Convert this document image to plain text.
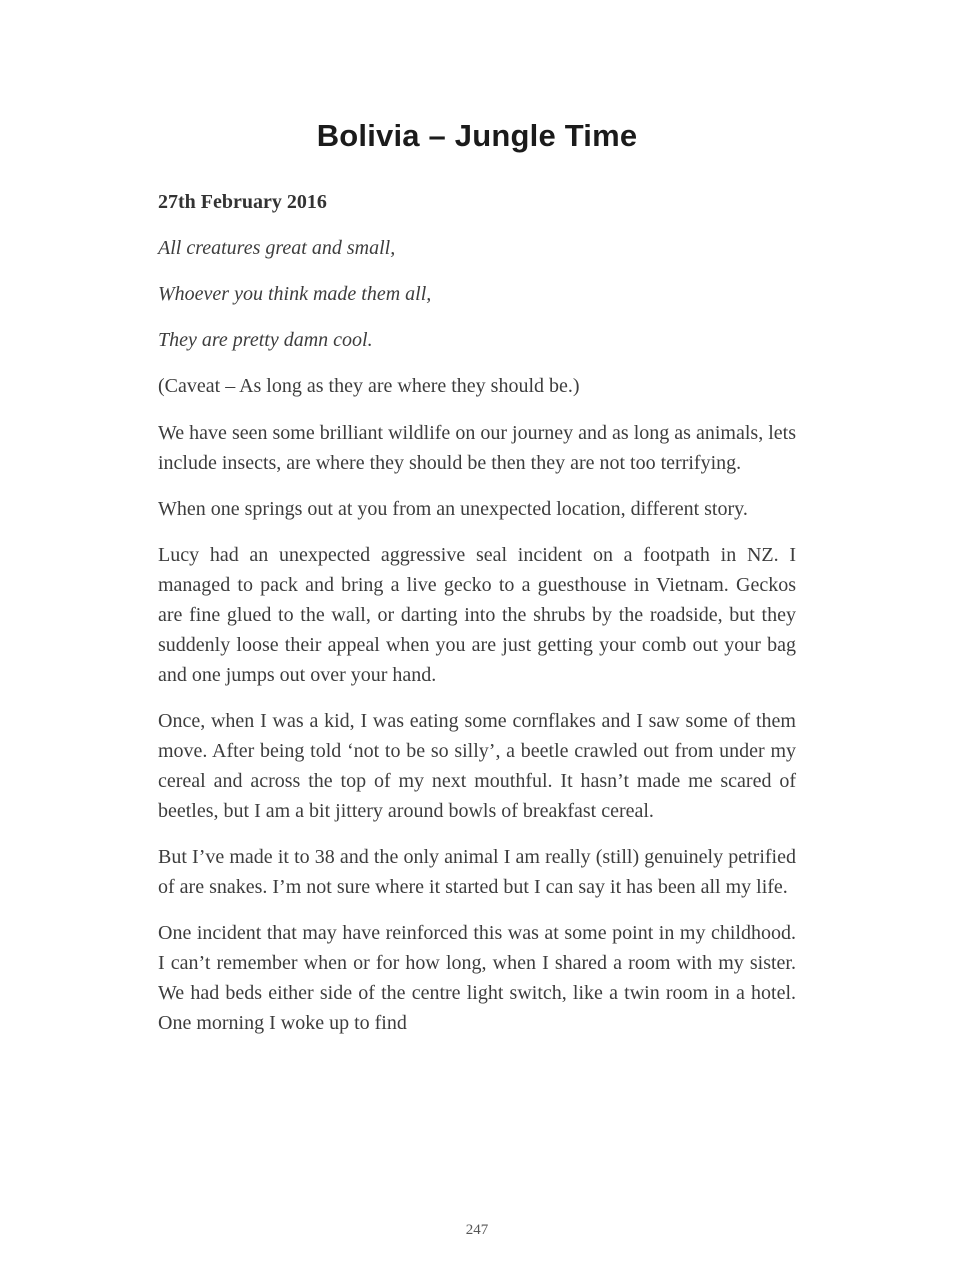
Bolivia – Jungle Time

27th February 2016

All creatures great and small,

Whoever you think made them all,

They are pretty damn cool.

(Caveat – As long as they are where they should be.)

We have seen some brilliant wildlife on our journey and as long as animals, lets include insects, are where they should be then they are not too terrifying.

When one springs out at you from an unexpected location, different story.

Lucy had an unexpected aggressive seal incident on a footpath in NZ. I managed to pack and bring a live gecko to a guesthouse in Vietnam. Geckos are fine glued to the wall, or darting into the shrubs by the roadside, but they suddenly loose their appeal when you are just getting your comb out your bag and one jumps out over your hand.

Once, when I was a kid, I was eating some cornflakes and I saw some of them move. After being told ‘not to be so silly’, a beetle crawled out from under my cereal and across the top of my next mouthful. It hasn’t made me scared of beetles, but I am a bit jittery around bowls of breakfast cereal.

But I’ve made it to 38 and the only animal I am really (still) genuinely petrified of are snakes. I’m not sure where it started but I can say it has been all my life.

One incident that may have reinforced this was at some point in my childhood. I can’t remember when or for how long, when I shared a room with my sister. We had beds either side of the centre light switch, like a twin room in a hotel. One morning I woke up to find

247
